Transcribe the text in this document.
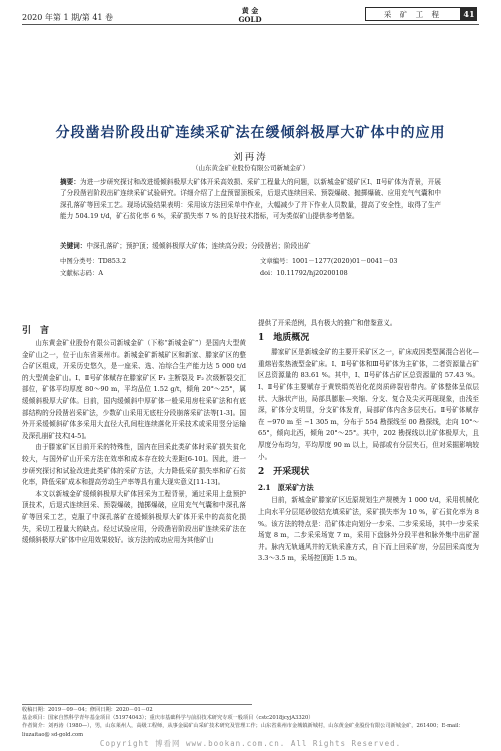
2020 年第 1 期/第 41 卷
黄 金
GOLD
采 矿 工 程	41
分段凿岩阶段出矿连续采矿法在缓倾斜极厚大矿体中的应用
刘再涛
（山东黄金矿业股份有限公司新城金矿）
摘要：为进一步研究探讨和改进缓倾斜极厚大矿体开采高效损、采矿工程量大的问题，以新城金矿缓矿区Ⅰ、Ⅱ号矿体为背景，开展了分段凿岩阶段出矿连续采矿试验研究。详细介绍了上盘预留顶板采，后退式连续回采、预裂爆破、抛掷爆破、应用充气气囊和中深孔落矿等回采工艺。现场试验结果表明：采用该方法回采单中作业，大幅减少了井下作业人员数量，提高了安全性，取得了生产能力 504.19 t/d，矿石贫化率 6 %，采矿损失率 7 % 的良好技术指标，可为类似矿山提供参考借鉴。
关键词：中深孔落矿；预护顶；缓倾斜极厚大矿体；连续高分段；分段凿岩；阶段出矿
中图分类号：TD853.2
文献标志码：A
文章编号：1001－1277(2020)01－0041－03
doi：10.11792/hj20200108
引　言

山东黄金矿业股份有限公司新城金矿（下称“新城金矿”）是国内大型黄金矿山之一，位于山东省莱州市。新城金矿新城矿区和新家、滕家矿区的整合矿区组成，开采历史悠久，是一座采、选、冶综合生产能力达 5 000 t/d 的大型黄金矿山。Ⅰ、Ⅱ号矿体赋存在滕家矿区 F₁ 主断裂及 F₂ 次级断裂交汇部位，矿体平均厚度 80～90 m，平均品位 1.52 g/t，倾角 20°～25°，属缓倾斜极厚大矿体。目前，国内缓倾斜中厚矿体一般采用房柱采矿法和有底部结构的分段凿岩采矿法，少数矿山采用无底柱分段崩落采矿法等[1-3]。国外开采缓倾斜矿体多采用大直径大孔间柱连续落化开采技术或采用竖分运输及深孔崩矿技术[4-5]。

由于滕家矿区目前开采的特殊性，国内在回采此类矿体时采矿损失贫化较大，与国外矿山开采方法在效率和成本存在较大差距[6-10]。因此，进一步研究探讨和试验改进此类矿体的采矿方法，大力降低采矿损失率和矿石贫化率，降低采矿成本和提高劳动生产率等具有重大现实意义[11-13]。

本文以新城金矿缓倾斜极厚大矿体回采为工程背景，通过采用上盘预护顶技术，后退式连续回采、预裂爆破，抛掷爆破，应用充气气囊和中深孔落矿等回采工艺，克服了中深孔落矿在缓倾斜极厚大矿体开采中的高贫化损失，采切工程量大的缺点。经过试验应用，分段凿岩阶段出矿连续采矿法在缓倾斜极厚大矿体中应用效果较好。该方法的成功应用为其他矿山

提供了开采范例，具有极大的推广和借鉴意义。

1　地质概况

滕家矿区是新城金矿的主要开采矿区之一，矿床成因类型属混合岩化—重熔岩浆热液型金矿床。Ⅰ、Ⅱ号矿体和Ⅲ号矿体为主矿体，二者资源量占矿区总资源量的 83.61 %。其中，Ⅰ、Ⅱ号矿体占矿区总资源量的 57.43 %。Ⅰ、Ⅱ号矿体主要赋存于黄铁绢英岩化花岗质碎裂岩带内。矿体整体呈似层状、大脉状产出，局部具膨胀—夹缩、分支、复合及尖灭再现现象，由浅至深，矿体分支明显，分支矿体发育，局部矿体内含多层夹石。Ⅱ号矿体赋存在 −970 m 至 −1 305 m，分布于 554 勘探线至 00 勘探线，走向 10°～65°，倾向北西，倾角 20°～25°。其中，202 勘探线以北矿体极厚大，且厚度分布均匀，平均厚度 90 m 以上，局部或有分层夹石，但对采掘影响较小。

2　开采现状
2.1　原采矿方法

目前，新城金矿滕家矿区近原规划生产规模为 1 000 t/d，采用机械化上向水平分层尾砂胶结充填采矿法，采矿损失率为 10 %，矿石贫化率为 8 %。该方法的特点是：沿矿体走向划分一步采、二步采采场，其中一步采采场宽 8 m，二步采采场宽 7 m，采用下盘脉外分段平巷和脉外集中出矿溜井。脉内无轨通风井的无轨采准方式，自下而上回采矿房，分层回采高度为 3.3～3.5 m，采场控顶距 1.5 m。

收稿日期：2019－09－04；修回日期：2020－01－02
基金项目：国家自然科学青年基金项目（51974043）；重庆市基础科学与前沿技术研究专项一般项目（cstc2018jcyjA3320）
作者简介：刘再涛（1980—），男，山东莱州人，高级工程师，从事金属矿山采矿技术研究及管理工作；山东省莱州市金城镇新城村，山东黄金矿业股份有限公司新城金矿，261400；E-mail：liuzaitao@ sd-gold.com
Copyright 博看网 www.bookan.com.cn. All Rights Reserved.
